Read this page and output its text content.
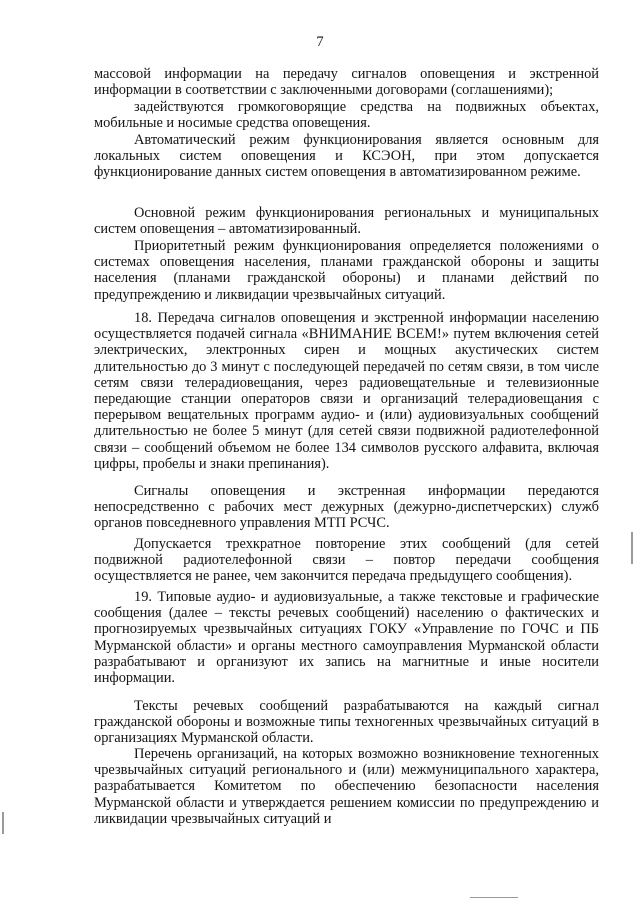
7

массовой информации на передачу сигналов оповещения и экстренной информации в соответствии с заключенными договорами (соглашениями);

задействуются громкоговорящие средства на подвижных объектах, мобильные и носимые средства оповещения.

Автоматический режим функционирования является основным для локальных систем оповещения и КСЭОН, при этом допускается функционирование данных систем оповещения в автоматизированном режиме.

Основной режим функционирования региональных и муниципальных систем оповещения – автоматизированный.

Приоритетный режим функционирования определяется положениями о системах оповещения населения, планами гражданской обороны и защиты населения (планами гражданской обороны) и планами действий по предупреждению и ликвидации чрезвычайных ситуаций.

18. Передача сигналов оповещения и экстренной информации населению осуществляется подачей сигнала «ВНИМАНИЕ ВСЕМ!» путем включения сетей электрических, электронных сирен и мощных акустических систем длительностью до 3 минут с последующей передачей по сетям связи, в том числе сетям связи телерадиовещания, через радиовещательные и телевизионные передающие станции операторов связи и организаций телерадиовещания с перерывом вещательных программ аудио- и (или) аудиовизуальных сообщений длительностью не более 5 минут (для сетей связи подвижной радиотелефонной связи – сообщений объемом не более 134 символов русского алфавита, включая цифры, пробелы и знаки препинания).

Сигналы оповещения и экстренная информации передаются непосредственно с рабочих мест дежурных (дежурно-диспетчерских) служб органов повседневного управления МТП РСЧС.

Допускается трехкратное повторение этих сообщений (для сетей подвижной радиотелефонной связи – повтор передачи сообщения осуществляется не ранее, чем закончится передача предыдущего сообщения).

19. Типовые аудио- и аудиовизуальные, а также текстовые и графические сообщения (далее – тексты речевых сообщений) населению о фактических и прогнозируемых чрезвычайных ситуациях ГОКУ «Управление по ГОЧС и ПБ Мурманской области» и органы местного самоуправления Мурманской области разрабатывают и организуют их запись на магнитные и иные носители информации.

Тексты речевых сообщений разрабатываются на каждый сигнал гражданской обороны и возможные типы техногенных чрезвычайных ситуаций в организациях Мурманской области.

Перечень организаций, на которых возможно возникновение техногенных чрезвычайных ситуаций регионального и (или) межмуниципального характера, разрабатывается Комитетом по обеспечению безопасности населения Мурманской области и утверждается решением комиссии по предупреждению и ликвидации чрезвычайных ситуаций и
